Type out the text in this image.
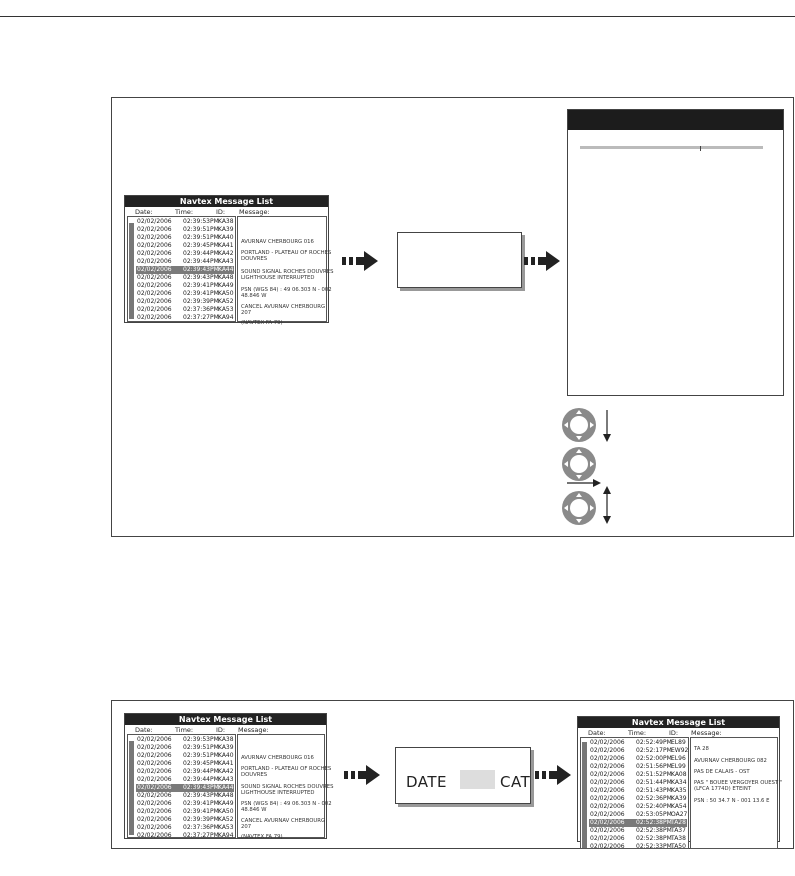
Navtex Message List
Date:	Time:	ID: Message:
02/02/2006 02:39:53PM KA38
02/02/2006 02:39:51PM KA39
02/02/2006 02:39:51PM KA40
02/02/2006 02:39:45PM KA41
02/02/2006 02:39:44PM KA42
02/02/2006 02:39:44PM KA43
02/02/2006 02:39:43PM KA44
02/02/2006 02:39:43PM KA48
02/02/2006 02:39:41PM KA49
02/02/2006 02:39:41PM KA50
02/02/2006 02:39:39PM KA52
02/02/2006 02:37:36PM KA53
02/02/2006 02:37:27PM KA94
AVURNAV CHERBOURG 016
PORTLAND - PLATEAU OF ROCHES
DOUVRES
SOUND SIGNAL ROCHES DOUVRES
LIGHTHOUSE INTERRUPTED
PSN (WGS 84) : 49 06.303 N - 002
48.846 W
CANCEL AVURNAV CHERBOURG
207
(NAVTEX FA 79)
Navtex Message List
Date:	Time:	ID: Message:
02/02/2006 02:39:53PM KA38
02/02/2006 02:39:51PM KA39
02/02/2006 02:39:51PM KA40
02/02/2006 02:39:45PM KA41
02/02/2006 02:39:44PM KA42
02/02/2006 02:39:44PM KA43
02/02/2006 02:39:43PM KA44
02/02/2006 02:39:43PM KA48
02/02/2006 02:39:41PM KA49
02/02/2006 02:39:41PM KA50
02/02/2006 02:39:39PM KA52
02/02/2006 02:37:36PM KA53
02/02/2006 02:37:27PM KA94
AVURNAV CHERBOURG 016
PORTLAND - PLATEAU OF ROCHES
DOUVRES
SOUND SIGNAL ROCHES DOUVRES
LIGHTHOUSE INTERRUPTED
PSN (WGS 84) : 49 06.303 N - 002
48.846 W
CANCEL AVURNAV CHERBOURG
207
(NAVTEX FA 79)
DATE	CAT
Navtex Message List
Date:	Time:	ID: Message:
02/02/2006 02:52:49PM EL89
02/02/2006 02:52:17PM EW92
02/02/2006 02:52:00PM EL96
02/02/2006 02:51:56PM EL99
02/02/2006 02:51:52PM KA08
02/02/2006 02:51:44PM KA34
02/02/2006 02:51:43PM KA35
02/02/2006 02:52:36PM KA39
02/02/2006 02:52:40PM KA54
02/02/2006 02:53:05PM OA27
02/02/2006 02:52:38PM TA28
02/02/2006 02:52:38PM TA37
02/02/2006 02:52:38PM TA38
02/02/2006 02:52:33PM TA50
TA 28
AVURNAV CHERBOURG 082
PAS DE CALAIS - OST
PAS " BOUEE VERGOYER OUEST "
(LFCA 1774D) ETEINT
PSN : 50 34.7 N - 001 13.6 E
